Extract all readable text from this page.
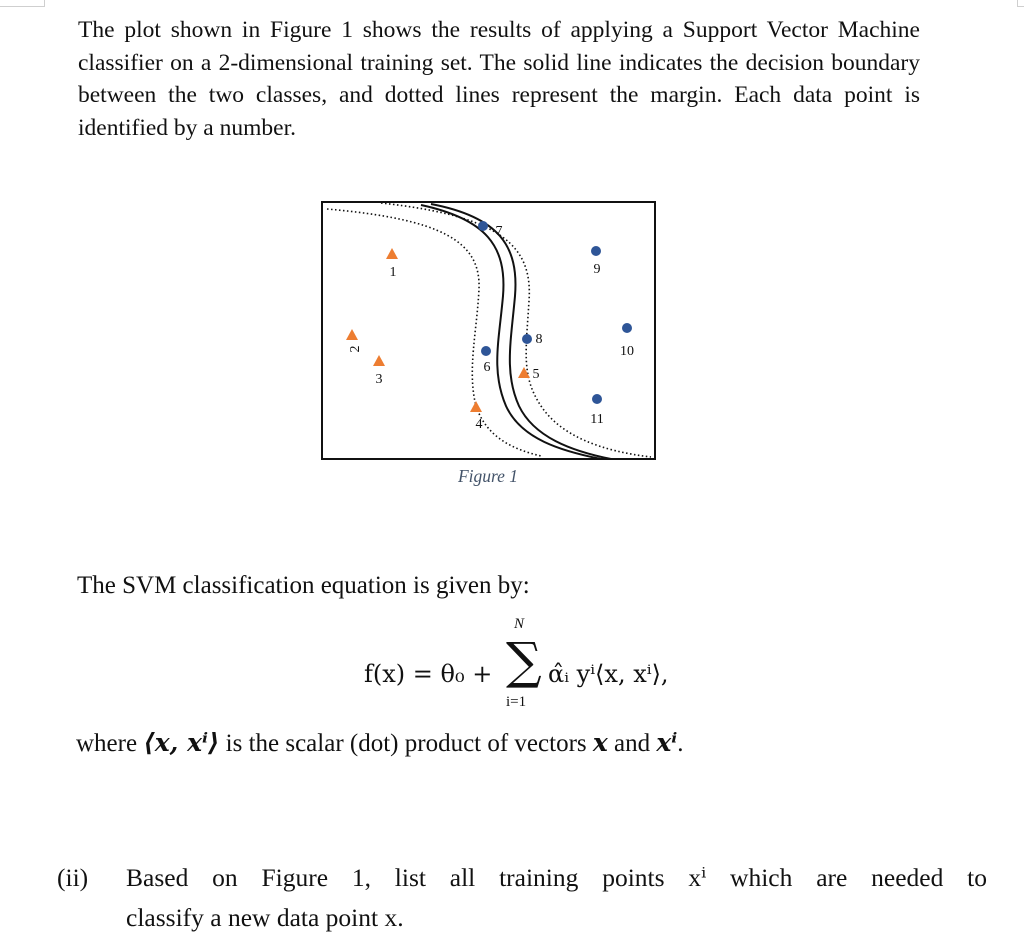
The plot shown in Figure 1 shows the results of applying a Support Vector Machine classifier on a 2-dimensional training set. The solid line indicates the decision boundary between the two classes, and dotted lines represent the margin. Each data point is identified by a number.

1
2
3
4
5
6
7
8
9
10
11
Figure 1
The SVM classification equation is given by:
f(x) = θ₀ +
N
∑
i=1
α̂ᵢ yⁱ⟨x, xⁱ⟩,
where ⟨x, xⁱ⟩ is the scalar (dot) product of vectors x and xⁱ.
(ii) Based on Figure 1, list all training points xⁱ which are needed to
classify a new data point x.
